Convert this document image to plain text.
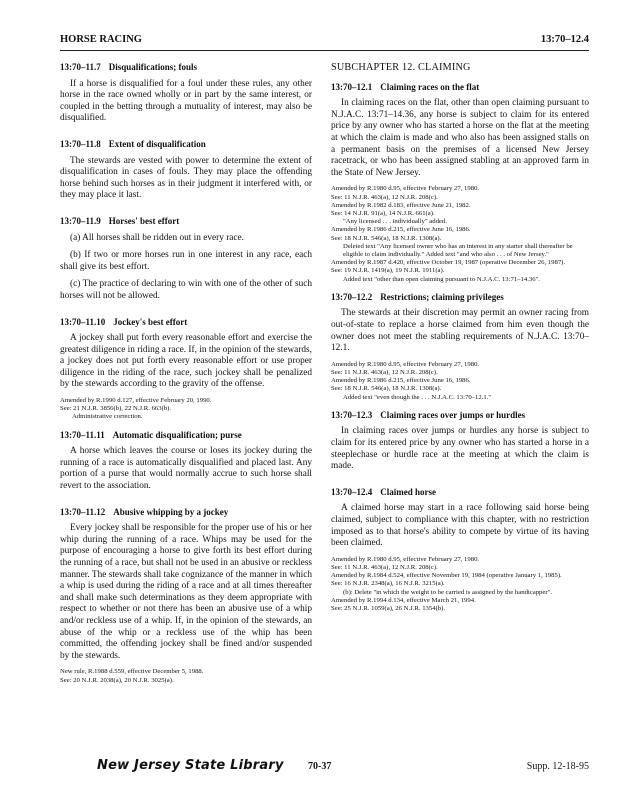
HORSE RACING	13:70–12.4
13:70–11.7 Disqualifications; fouls

If a horse is disqualified for a foul under these rules, any other horse in the race owned wholly or in part by the same interest, or coupled in the betting through a mutuality of interest, may also be disqualified.

13:70–11.8 Extent of disqualification

The stewards are vested with power to determine the extent of disqualification in cases of fouls. They may place the offending horse behind such horses as in their judgment it interfered with, or they may place it last.

13:70–11.9 Horses' best effort

(a) All horses shall be ridden out in every race.

(b) If two or more horses run in one interest in any race, each shall give its best effort.

(c) The practice of declaring to win with one of the other of such horses will not be allowed.

13:70–11.10 Jockey's best effort

A jockey shall put forth every reasonable effort and exercise the greatest diligence in riding a race. If, in the opinion of the stewards, a jockey does not put forth every reasonable effort or use proper diligence in the riding of the race, such jockey shall be penalized by the stewards according to the gravity of the offense.

Amended by R.1990 d.127, effective February 20, 1990.
See: 21 N.J.R. 3856(b), 22 N.J.R. 663(b).
Administrative correction.
13:70–11.11 Automatic disqualification; purse

A horse which leaves the course or loses its jockey during the running of a race is automatically disqualified and placed last. Any portion of a purse that would normally accrue to such horse shall revert to the association.

13:70–11.12 Abusive whipping by a jockey

Every jockey shall be responsible for the proper use of his or her whip during the running of a race. Whips may be used for the purpose of encouraging a horse to give forth its best effort during the running of a race, but shall not be used in an abusive or reckless manner. The stewards shall take cognizance of the manner in which a whip is used during the riding of a race and at all times thereafter and shall make such determinations as they deem appropriate with respect to whether or not there has been an abusive use of a whip and/or reckless use of a whip. If, in the opinion of the stewards, an abuse of the whip or a reckless use of the whip has been committed, the offending jockey shall be fined and/or suspended by the stewards.

New rule, R.1988 d.559, effective December 5, 1988.
See: 20 N.J.R. 2038(a), 20 N.J.R. 3025(a).
SUBCHAPTER 12. CLAIMING
13:70–12.1 Claiming races on the flat

In claiming races on the flat, other than open claiming pursuant to N.J.A.C. 13:71–14.36, any horse is subject to claim for its entered price by any owner who has started a horse on the flat at the meeting at which the claim is made and who also has been assigned stalls on a permanent basis on the premises of a licensed New Jersey racetrack, or who has been assigned stabling at an approved farm in the State of New Jersey.

Amended by R.1980 d.95, effective February 27, 1980.
See: 11 N.J.R. 463(a), 12 N.J.R. 208(c).
Amended by R.1982 d.183, effective June 21, 1982.
See: 14 N.J.R. 91(a), 14 N.J.R. 661(a).
"Any licensed . . . individually" added.
Amended by R.1986 d.215, effective June 16, 1986.
See: 18 N.J.R. 546(a), 18 N.J.R. 1308(a).
Deleted text "Any licensed owner who has an interest in any starter shall thereafter be eligible to claim individually." Added text "and who also . . . of New Jersey."
Amended by R.1987 d.420, effective October 19, 1987 (operative December 26, 1987).
See: 19 N.J.R. 1419(a), 19 N.J.R. 1911(a).
Added text "other than open claiming pursuant to N.J.A.C. 13:71–14.36".
13:70–12.2 Restrictions; claiming privileges

The stewards at their discretion may permit an owner racing from out-of-state to replace a horse claimed from him even though the owner does not meet the stabling requirements of N.J.A.C. 13:70–12.1.

Amended by R.1980 d.95, effective February 27, 1980.
See: 11 N.J.R. 463(a), 12 N.J.R. 208(c).
Amended by R.1986 d.215, effective June 16, 1986.
See: 18 N.J.R. 546(a), 18 N.J.R. 1308(a).
Added text "even though the . . . N.J.A.C. 13:70–12.1."
13:70–12.3 Claiming races over jumps or hurdles

In claiming races over jumps or hurdles any horse is subject to claim for its entered price by any owner who has started a horse in a steeplechase or hurdle race at the meeting at which the claim is made.

13:70–12.4 Claimed horse

A claimed horse may start in a race following said horse being claimed, subject to compliance with this chapter, with no restriction imposed as to that horse's ability to compete by virtue of its having been claimed.

Amended by R.1980 d.95, effective February 27, 1980.
See: 11 N.J.R. 463(a), 12 N.J.R. 208(c).
Amended by R.1984 d.524, effective November 19, 1984 (operative January 1, 1985).
See: 16 N.J.R. 2348(a), 16 N.J.R. 3215(a).
(b): Delete "in which the weight to be carried is assigned by the handicapper".
Amended by R.1994 d.134, effective March 21, 1994.
See: 25 N.J.R. 1059(a), 26 N.J.R. 1354(b).
New Jersey State Library 70-37	Supp. 12-18-95
